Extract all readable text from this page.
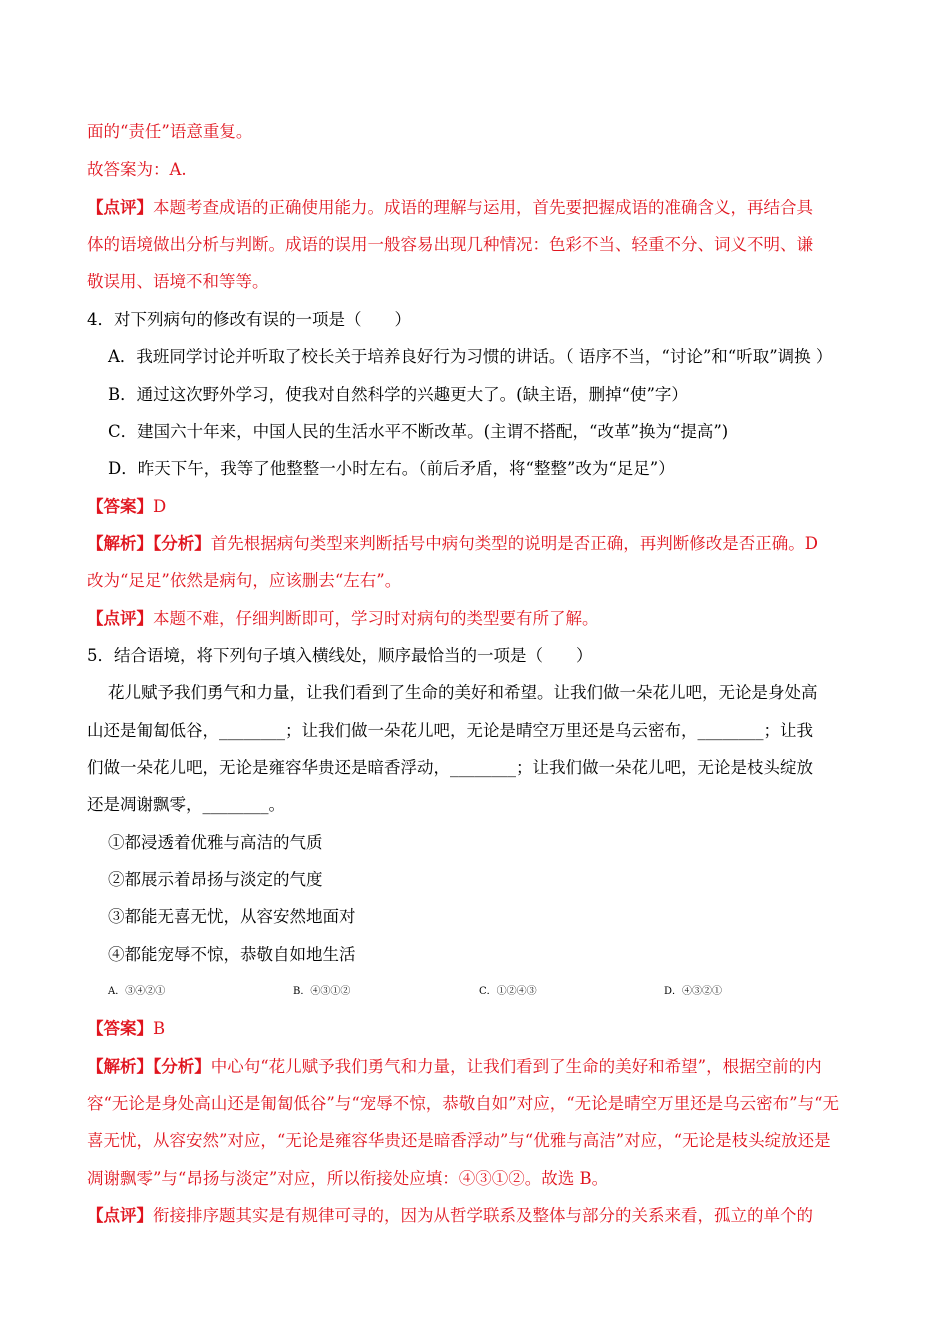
面的“责任”语意重复。
故答案为：A.
【点评】本题考查成语的正确使用能力。成语的理解与运用，首先要把握成语的准确含义，再结合具
体的语境做出分析与判断。成语的误用一般容易出现几种情况：色彩不当、轻重不分、词义不明、谦
敬误用、语境不和等等。
4．对下列病句的修改有误的一项是（　　）
A．我班同学讨论并听取了校长关于培养良好行为习惯的讲话。（ 语序不当，“讨论”和“听取”调换 ）
B．通过这次野外学习，使我对自然科学的兴趣更大了。(缺主语，删掉“使”字）
C．建国六十年来，中国人民的生活水平不断改革。(主谓不搭配，“改革”换为“提高”)
D．昨天下午，我等了他整整一小时左右。（前后矛盾，将“整整”改为“足足”）
【答案】D
【解析】【分析】首先根据病句类型来判断括号中病句类型的说明是否正确，再判断修改是否正确。D
改为“足足”依然是病句，应该删去“左右”。
【点评】本题不难，仔细判断即可，学习时对病句的类型要有所了解。
5．结合语境，将下列句子填入横线处，顺序最恰当的一项是（　　）
花儿赋予我们勇气和力量，让我们看到了生命的美好和希望。让我们做一朵花儿吧，无论是身处高
山还是匍匐低谷，________；让我们做一朵花儿吧，无论是晴空万里还是乌云密布，________；让我
们做一朵花儿吧，无论是雍容华贵还是暗香浮动，________；让我们做一朵花儿吧，无论是枝头绽放
还是凋谢飘零，________。
①都浸透着优雅与高洁的气质
②都展示着昂扬与淡定的气度
③都能无喜无忧，从容安然地面对
④都能宠辱不惊，恭敬自如地生活
A．③④②①	B．④③①②	C．①②④③	D．④③②①
【答案】B
【解析】【分析】中心句“花儿赋予我们勇气和力量，让我们看到了生命的美好和希望”，根据空前的内
容“无论是身处高山还是匍匐低谷”与“宠辱不惊，恭敬自如”对应，“无论是晴空万里还是乌云密布”与“无
喜无忧，从容安然”对应，“无论是雍容华贵还是暗香浮动”与“优雅与高洁”对应，“无论是枝头绽放还是
凋谢飘零”与“昂扬与淡定”对应，所以衔接处应填：④③①②。故选 B。
【点评】衔接排序题其实是有规律可寻的，因为从哲学联系及整体与部分的关系来看，孤立的单个的
